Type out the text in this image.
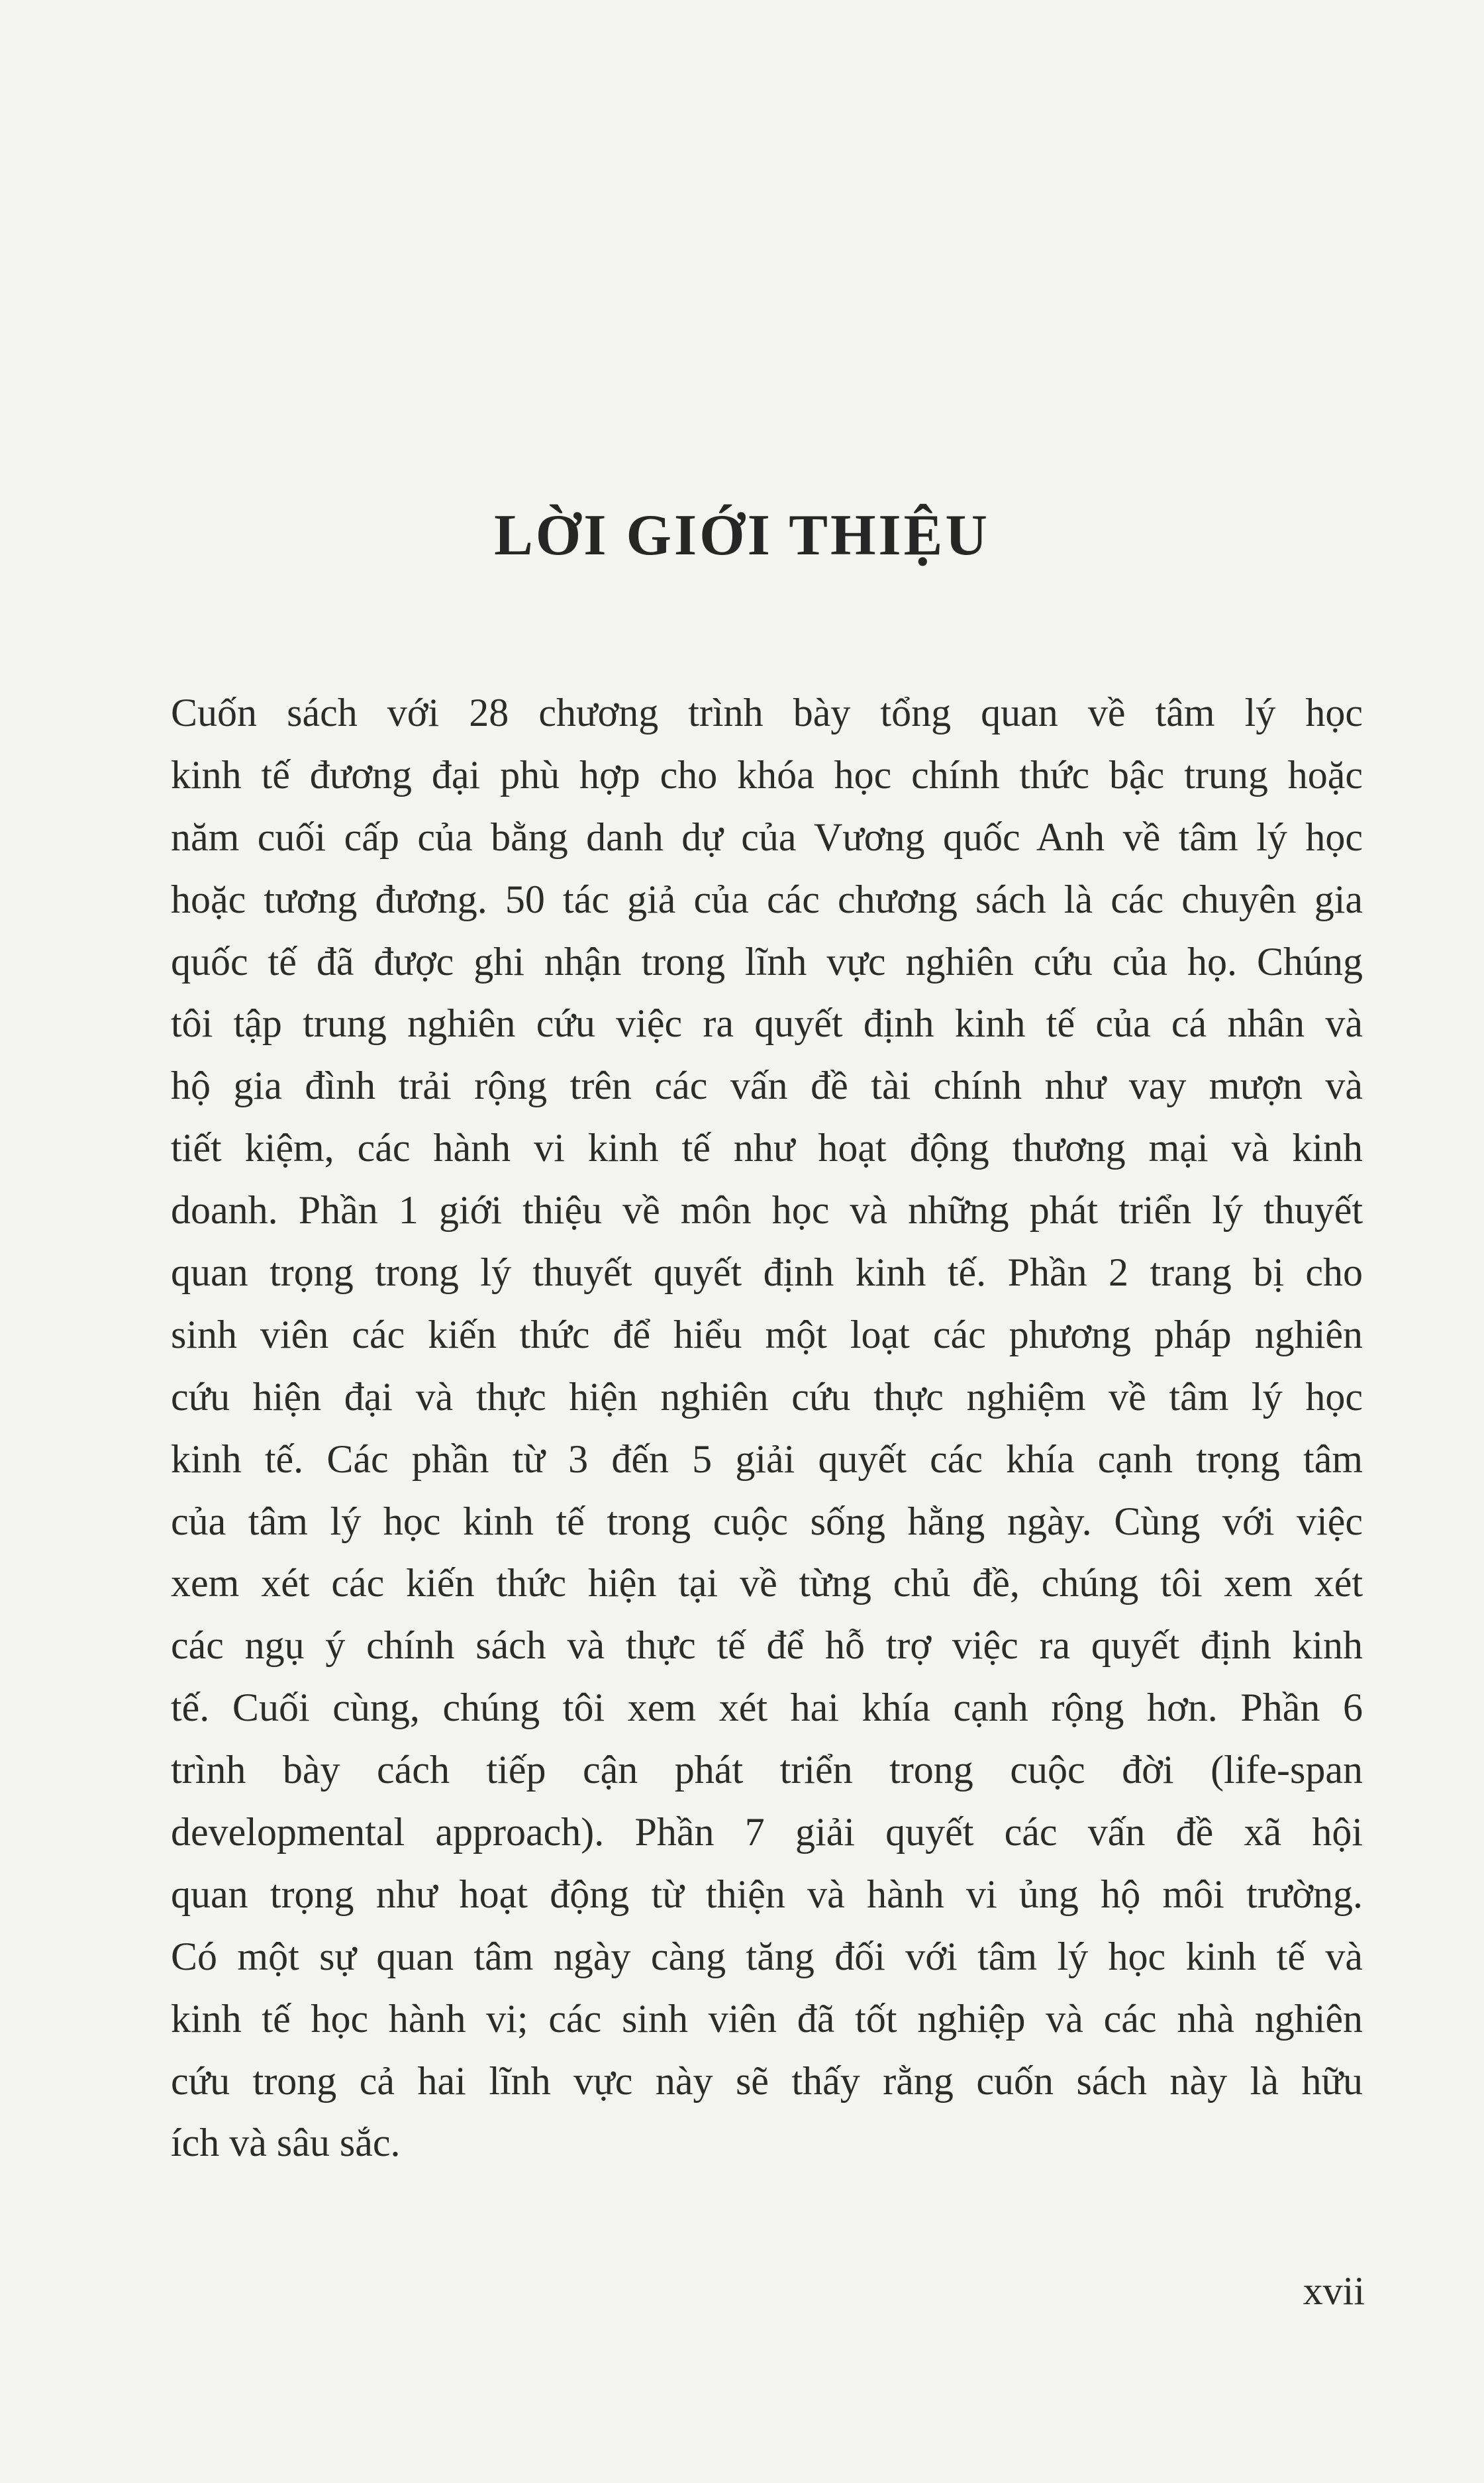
LỜI GIỚI THIỆU
Cuốn sách với 28 chương trình bày tổng quan về tâm lý học
kinh tế đương đại phù hợp cho khóa học chính thức bậc trung hoặc
năm cuối cấp của bằng danh dự của Vương quốc Anh về tâm lý học
hoặc tương đương. 50 tác giả của các chương sách là các chuyên gia
quốc tế đã được ghi nhận trong lĩnh vực nghiên cứu của họ. Chúng
tôi tập trung nghiên cứu việc ra quyết định kinh tế của cá nhân và
hộ gia đình trải rộng trên các vấn đề tài chính như vay mượn và
tiết kiệm, các hành vi kinh tế như hoạt động thương mại và kinh
doanh. Phần 1 giới thiệu về môn học và những phát triển lý thuyết
quan trọng trong lý thuyết quyết định kinh tế. Phần 2 trang bị cho
sinh viên các kiến thức để hiểu một loạt các phương pháp nghiên
cứu hiện đại và thực hiện nghiên cứu thực nghiệm về tâm lý học
kinh tế. Các phần từ 3 đến 5 giải quyết các khía cạnh trọng tâm
của tâm lý học kinh tế trong cuộc sống hằng ngày. Cùng với việc
xem xét các kiến thức hiện tại về từng chủ đề, chúng tôi xem xét
các ngụ ý chính sách và thực tế để hỗ trợ việc ra quyết định kinh
tế. Cuối cùng, chúng tôi xem xét hai khía cạnh rộng hơn. Phần 6
trình bày cách tiếp cận phát triển trong cuộc đời (life-span
developmental approach). Phần 7 giải quyết các vấn đề xã hội
quan trọng như hoạt động từ thiện và hành vi ủng hộ môi trường.
Có một sự quan tâm ngày càng tăng đối với tâm lý học kinh tế và
kinh tế học hành vi; các sinh viên đã tốt nghiệp và các nhà nghiên
cứu trong cả hai lĩnh vực này sẽ thấy rằng cuốn sách này là hữu
ích và sâu sắc.
xvii
